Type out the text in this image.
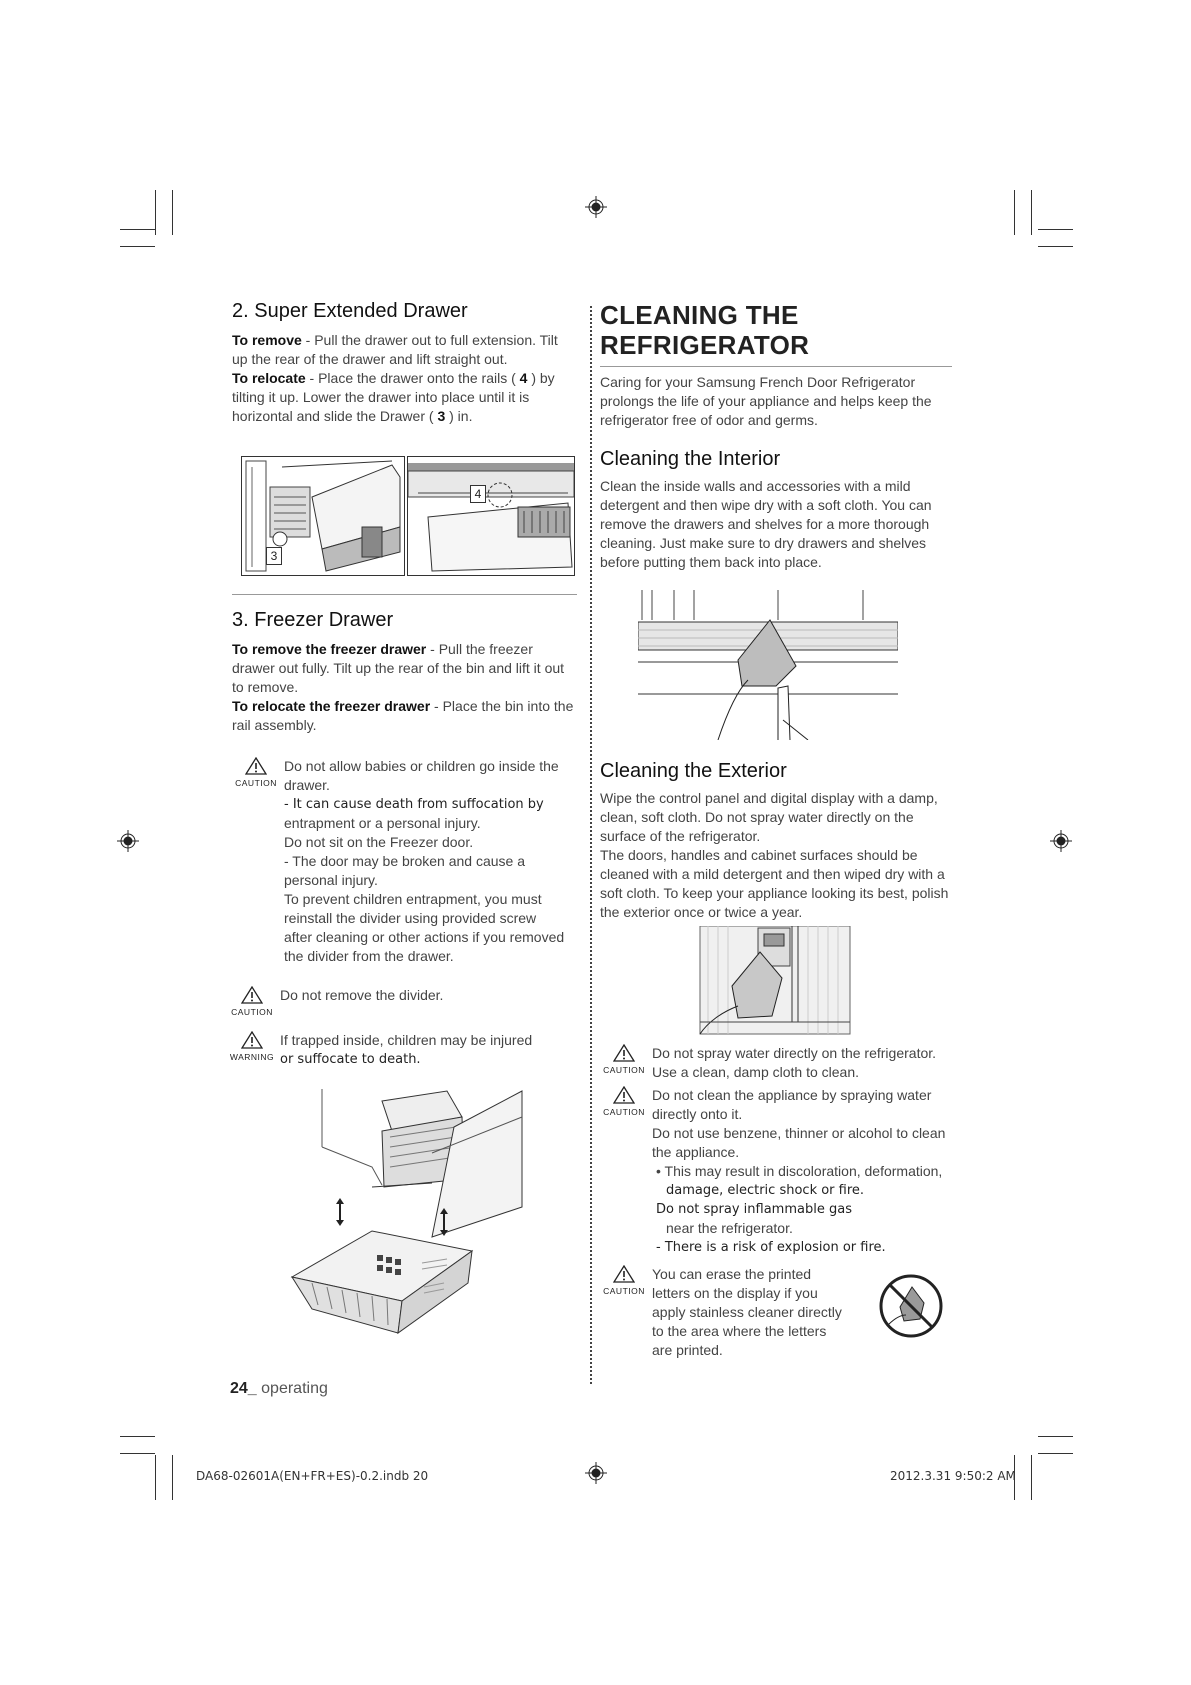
2. Super Extended Drawer

To remove - Pull the drawer out to full extension. Tilt up the rear of the drawer and lift straight out.

To relocate - Place the drawer onto the rails ( 4 ) by tilting it up. Lower the drawer into place until it is horizontal and slide the Drawer ( 3 ) in.

3
4
3. Freezer Drawer

To remove the freezer drawer - Pull the freezer drawer out fully. Tilt up the rear of the bin and lift it out to remove.

To relocate the freezer drawer - Place the bin into the rail assembly.

CAUTION

Do not allow babies or children go inside the drawer.

- It can cause death from suffocation by

entrapment or a personal injury.

Do not sit on the Freezer door.

- The door may be broken and cause a personal injury.

To prevent children entrapment, you must reinstall the divider using provided screw

after cleaning or other actions if you removed the divider from the drawer.

CAUTION

Do not remove the divider.

WARNING

If trapped inside, children may be injured

or suffocate to death.

CLEANING THE
REFRIGERATOR

Caring for your Samsung French Door Refrigerator prolongs the life of your appliance and helps keep the refrigerator free of odor and germs.

Cleaning the Interior

Clean the inside walls and accessories with a mild detergent and then wipe dry with a soft cloth. You can remove the drawers and shelves for a more thorough cleaning. Just make sure to dry drawers and shelves before putting them back into place.

Cleaning the Exterior

Wipe the control panel and digital display with a damp, clean, soft cloth. Do not spray water directly on the surface of the refrigerator.

The doors, handles and cabinet surfaces should be cleaned with a mild detergent and then wiped dry with a soft cloth. To keep your appliance looking its best, polish the exterior once or twice a year.

CAUTION

Do not spray water directly on the refrigerator. Use a clean, damp cloth to clean.

CAUTION

Do not clean the appliance by spraying water directly onto it.

Do not use benzene, thinner or alcohol to clean the appliance.

• This may result in discoloration, deformation,

damage, electric shock or fire.

Do not spray inflammable gas

near the refrigerator.

- There is a risk of explosion or fire.

CAUTION

You can erase the printed

letters on the display if you

apply stainless cleaner directly

to the area where the letters

are printed.

24_ operating
DA68-02601A(EN+FR+ES)-0.2.indb 20	2012.3.31 9:50:2 AM
